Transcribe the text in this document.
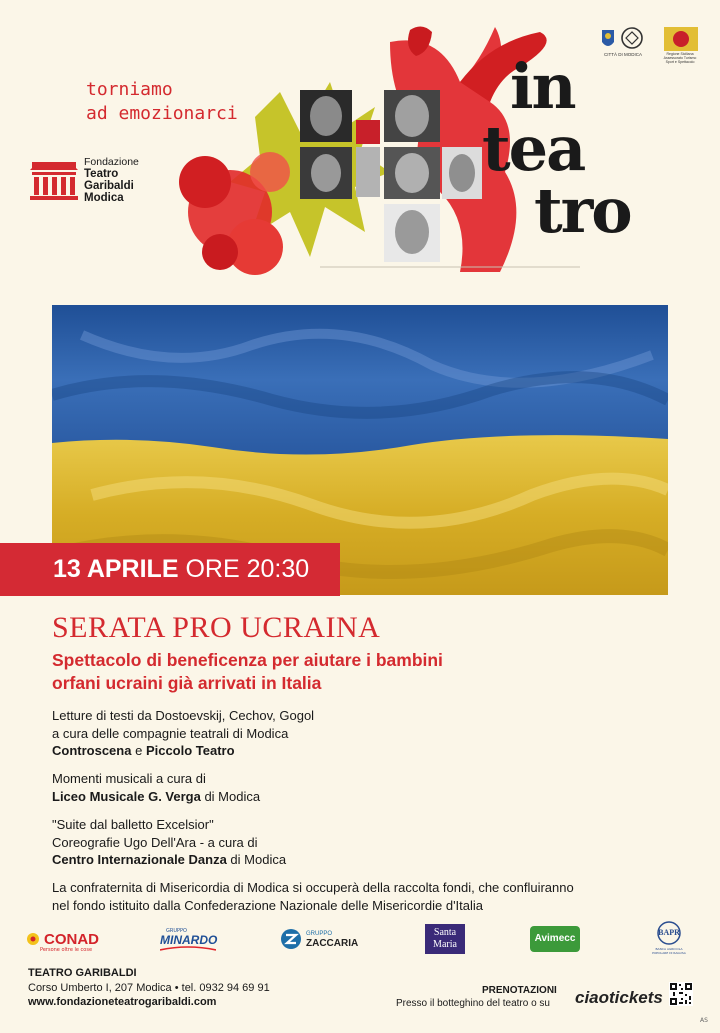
torniamo
ad emozionarci
Fondazione
Teatro
Garibaldi
Modica
in
tea
tro
CITTÀ DI MODICA	Regione Siciliana Assessorato Turismo Sport e Spettacolo
13 APRILE ORE 20:30
SERATA PRO UCRAINA
Spettacolo di beneficenza per aiutare i bambini
orfani ucraini già arrivati in Italia
Letture di testi da Dostoevskij, Cechov, Gogol
a cura delle compagnie teatrali di Modica
Controscena e Piccolo Teatro
Momenti musicali a cura di
Liceo Musicale G. Verga di Modica
"Suite dal balletto Excelsior"
Coreografie Ugo Dell'Ara - a cura di
Centro Internazionale Danza di Modica
La confraternita di Misericordia di Modica si occuperà della raccolta fondi, che confluiranno
nel fondo istituito dalla Confederazione Nazionale delle Misericordie d'Italia
CONAD
Persone oltre le cose
GRUPPO
MINARDO	GRUPPO
ZACCARIA
Santa
Maria
Avimecc
BAPR
BANCA AGRICOLA POPOLARE DI RAGUSA
TEATRO GARIBALDI
Corso Umberto I, 207 Modica • tel. 0932 94 69 91
www.fondazioneteatrogaribaldi.com
PRENOTAZIONI
Presso il botteghino del teatro o su	ciaotickets
AS
